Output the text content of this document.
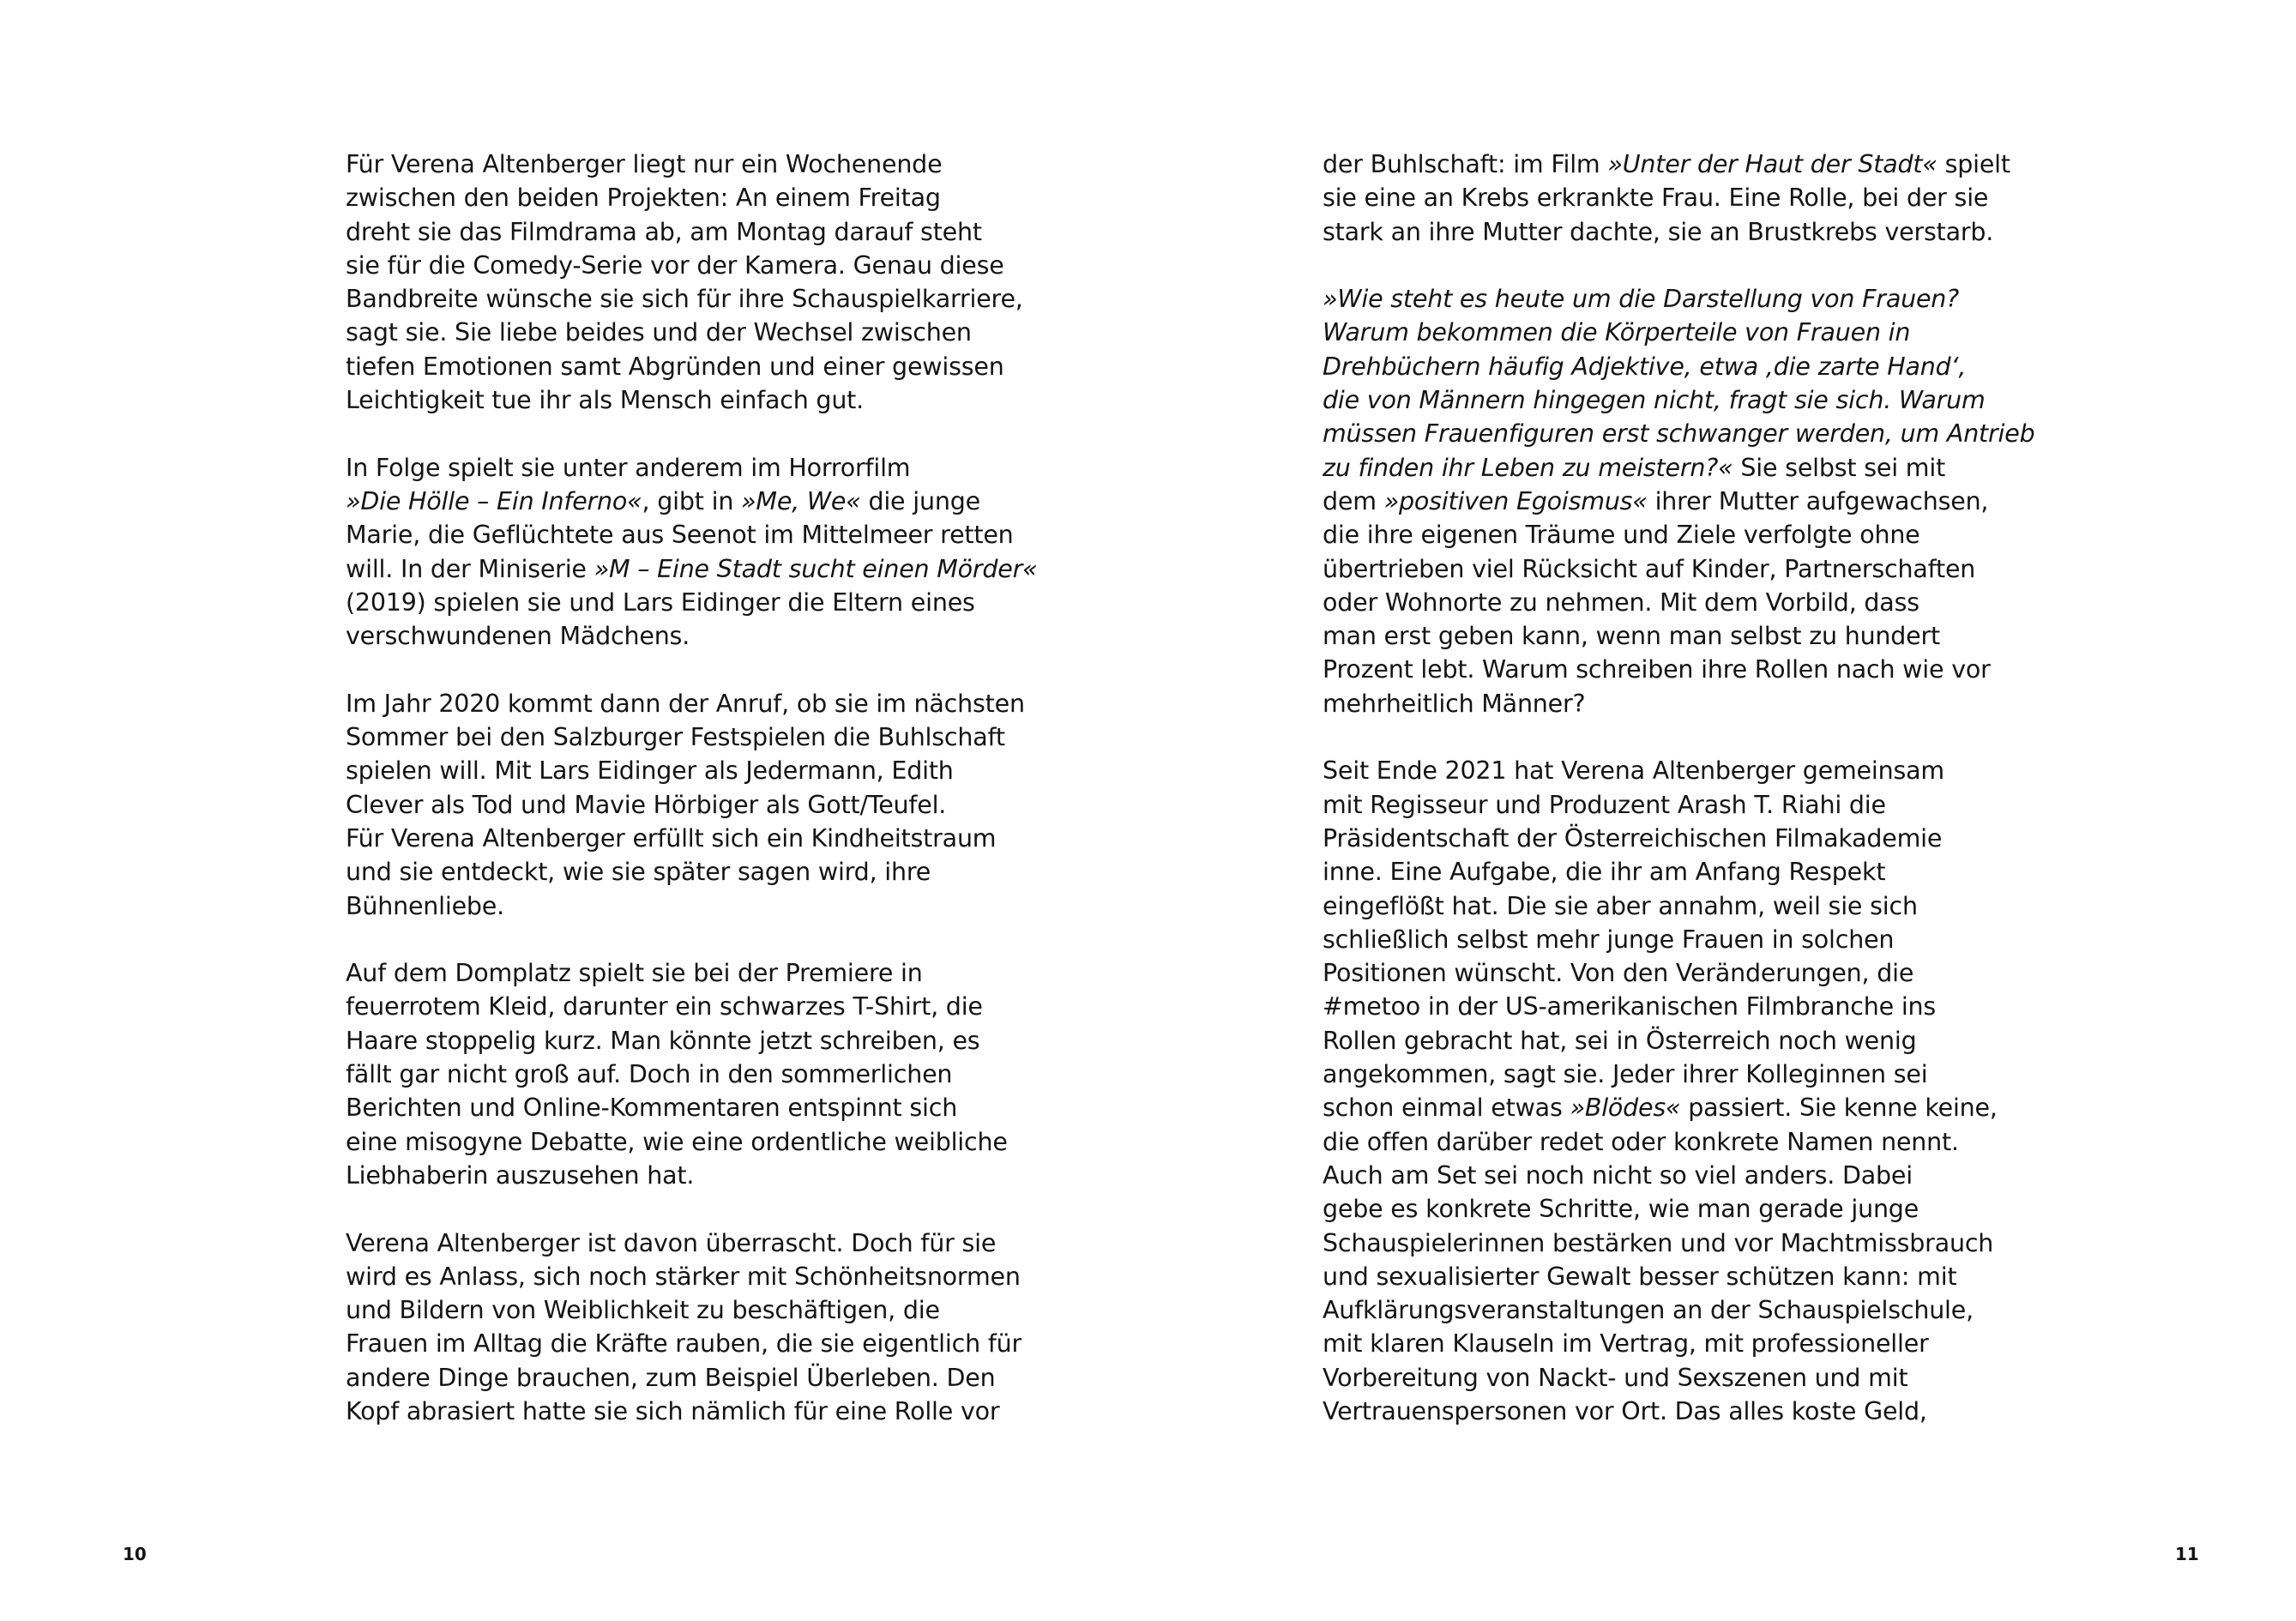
Für Verena Altenberger liegt nur ein Wochenende
zwischen den beiden Projekten: An einem Freitag
dreht sie das Filmdrama ab, am Montag darauf steht
sie für die Comedy-Serie vor der Kamera. Genau diese
Bandbreite wünsche sie sich für ihre Schauspielkarriere,
sagt sie. Sie liebe beides und der Wechsel zwischen
tiefen Emotionen samt Abgründen und einer gewissen
Leichtigkeit tue ihr als Mensch einfach gut.
In Folge spielt sie unter anderem im Horrorfilm
»Die Hölle – Ein Inferno«, gibt in »Me, We« die junge
Marie, die Geflüchtete aus Seenot im Mittelmeer retten
will. In der Miniserie »M – Eine Stadt sucht einen Mörder«
(2019) spielen sie und Lars Eidinger die Eltern eines
verschwundenen Mädchens.
Im Jahr 2020 kommt dann der Anruf, ob sie im nächsten
Sommer bei den Salzburger Festspielen die Buhlschaft
spielen will. Mit Lars Eidinger als Jedermann, Edith
Clever als Tod und Mavie Hörbiger als Gott/Teufel.
Für Verena Altenberger erfüllt sich ein Kindheitstraum
und sie entdeckt, wie sie später sagen wird, ihre
Bühnenliebe.
Auf dem Domplatz spielt sie bei der Premiere in
feuerrotem Kleid, darunter ein schwarzes T-Shirt, die
Haare stoppelig kurz. Man könnte jetzt schreiben, es
fällt gar nicht groß auf. Doch in den sommerlichen
Berichten und Online-Kommentaren entspinnt sich
eine misogyne Debatte, wie eine ordentliche weibliche
Liebhaberin auszusehen hat.
Verena Altenberger ist davon überrascht. Doch für sie
wird es Anlass, sich noch stärker mit Schönheitsnormen
und Bildern von Weiblichkeit zu beschäftigen, die
Frauen im Alltag die Kräfte rauben, die sie eigentlich für
andere Dinge brauchen, zum Beispiel Überleben. Den
Kopf abrasiert hatte sie sich nämlich für eine Rolle vor
der Buhlschaft: im Film »Unter der Haut der Stadt« spielt
sie eine an Krebs erkrankte Frau. Eine Rolle, bei der sie
stark an ihre Mutter dachte, sie an Brustkrebs verstarb.
»Wie steht es heute um die Darstellung von Frauen?
Warum bekommen die Körperteile von Frauen in
Drehbüchern häufig Adjektive, etwa ‚die zarte Hand‘,
die von Männern hingegen nicht, fragt sie sich. Warum
müssen Frauenfiguren erst schwanger werden, um Antrieb
zu finden ihr Leben zu meistern?« Sie selbst sei mit
dem »positiven Egoismus« ihrer Mutter aufgewachsen,
die ihre eigenen Träume und Ziele verfolgte ohne
übertrieben viel Rücksicht auf Kinder, Partnerschaften
oder Wohnorte zu nehmen. Mit dem Vorbild, dass
man erst geben kann, wenn man selbst zu hundert
Prozent lebt. Warum schreiben ihre Rollen nach wie vor
mehrheitlich Männer?
Seit Ende 2021 hat Verena Altenberger gemeinsam
mit Regisseur und Produzent Arash T. Riahi die
Präsidentschaft der Österreichischen Filmakademie
inne. Eine Aufgabe, die ihr am Anfang Respekt
eingeflößt hat. Die sie aber annahm, weil sie sich
schließlich selbst mehr junge Frauen in solchen
Positionen wünscht. Von den Veränderungen, die
#metoo in der US-amerikanischen Filmbranche ins
Rollen gebracht hat, sei in Österreich noch wenig
angekommen, sagt sie. Jeder ihrer Kolleginnen sei
schon einmal etwas »Blödes« passiert. Sie kenne keine,
die offen darüber redet oder konkrete Namen nennt.
Auch am Set sei noch nicht so viel anders. Dabei
gebe es konkrete Schritte, wie man gerade junge
Schauspielerinnen bestärken und vor Machtmissbrauch
und sexualisierter Gewalt besser schützen kann: mit
Aufklärungsveranstaltungen an der Schauspielschule,
mit klaren Klauseln im Vertrag, mit professioneller
Vorbereitung von Nackt- und Sexszenen und mit
Vertrauenspersonen vor Ort. Das alles koste Geld,
10	11
